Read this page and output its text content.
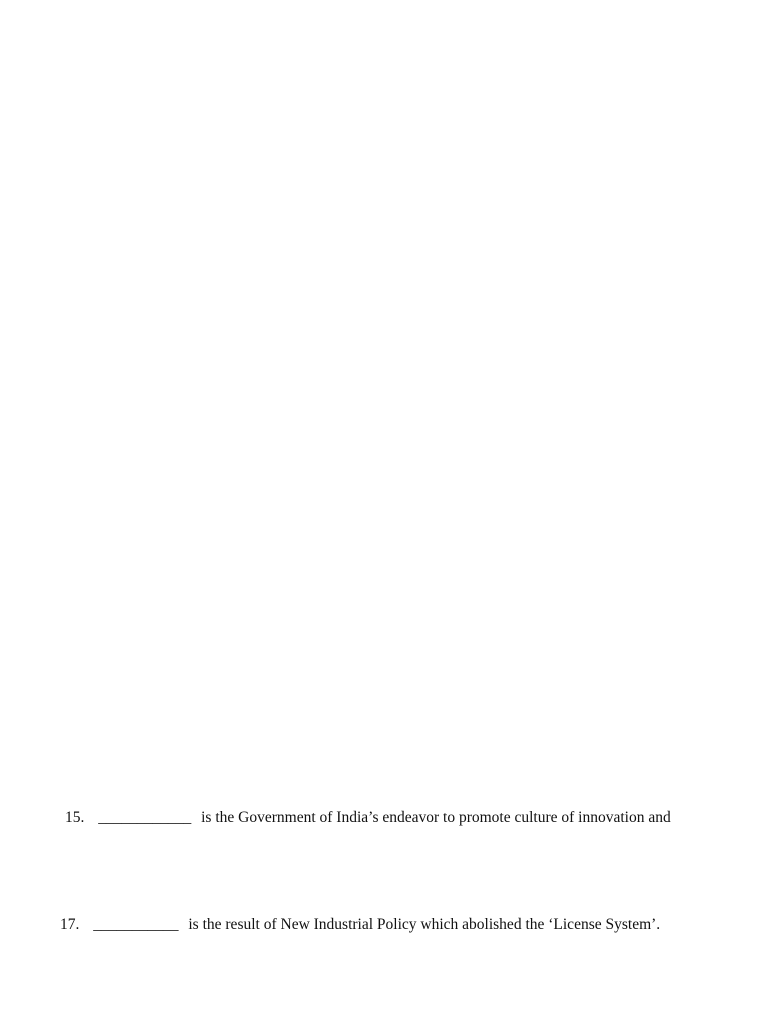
15. ____________ is the Government of India’s endeavor to promote culture of innovation and
17. ___________ is the result of New Industrial Policy which abolished the ‘License System’.
